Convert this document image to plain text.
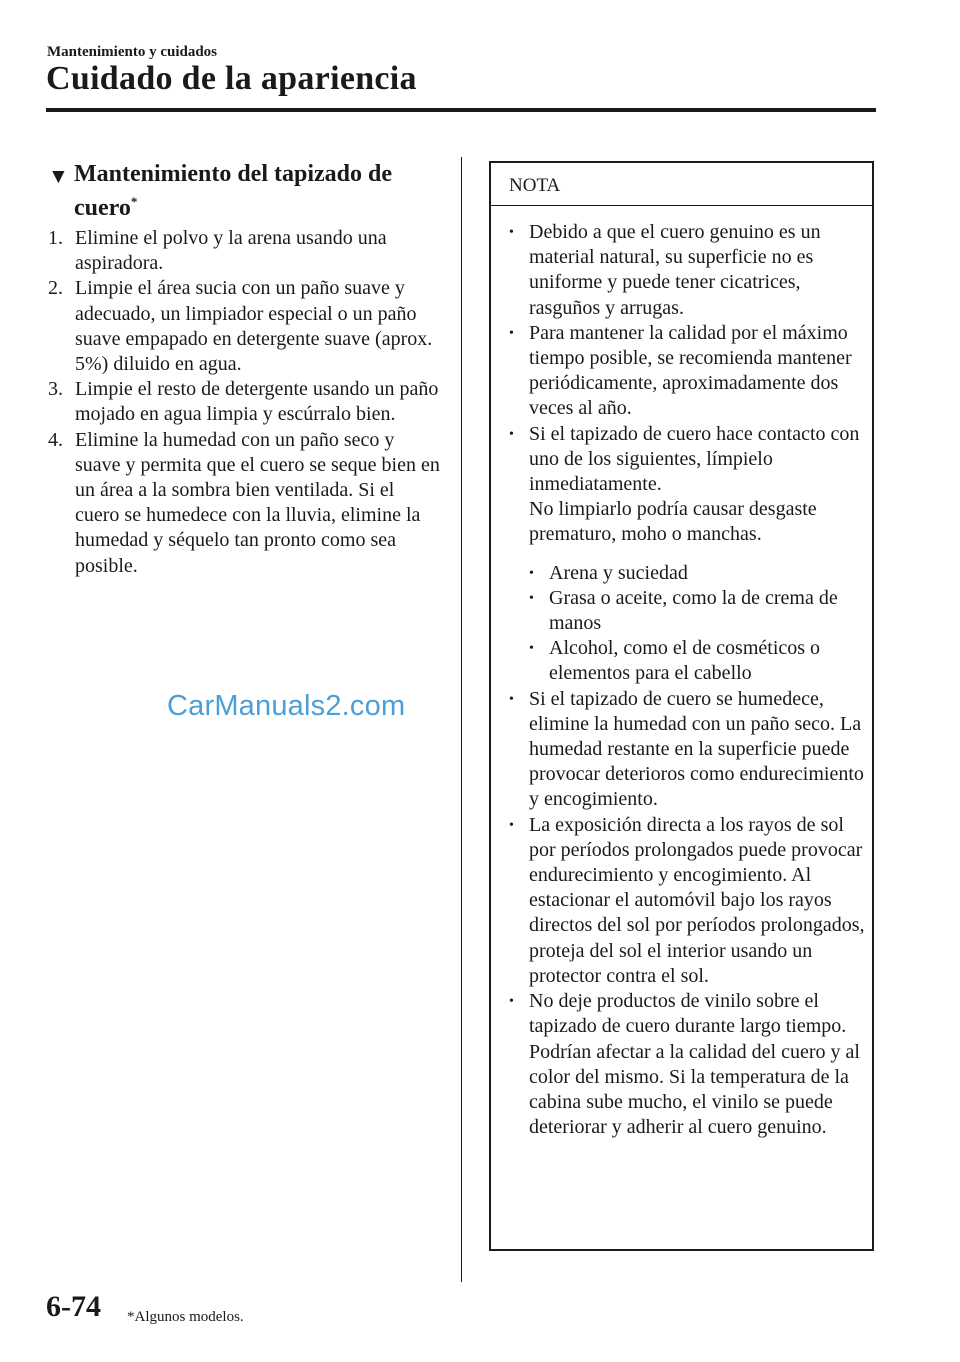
Mantenimiento y cuidados
Cuidado de la apariencia
▼ Mantenimiento del tapizado de cuero*
1. Elimine el polvo y la arena usando una aspiradora.
2. Limpie el área sucia con un paño suave y adecuado, un limpiador especial o un paño suave empapado en detergente suave (aprox. 5%) diluido en agua.
3. Limpie el resto de detergente usando un paño mojado en agua limpia y escúrralo bien.
4. Elimine la humedad con un paño seco y suave y permita que el cuero se seque bien en un área a la sombra bien ventilada. Si el cuero se humedece con la lluvia, elimine la humedad y séquelo tan pronto como sea posible.
CarManuals2.com
NOTA
• Debido a que el cuero genuino es un material natural, su superficie no es uniforme y puede tener cicatrices, rasguños y arrugas.
• Para mantener la calidad por el máximo tiempo posible, se recomienda mantener periódicamente, aproximadamente dos veces al año.
• Si el tapizado de cuero hace contacto con uno de los siguientes, límpielo inmediatamente.
No limpiarlo podría causar desgaste prematuro, moho o manchas.
• Arena y suciedad
• Grasa o aceite, como la de crema de manos
• Alcohol, como el de cosméticos o elementos para el cabello
• Si el tapizado de cuero se humedece, elimine la humedad con un paño seco. La humedad restante en la superficie puede provocar deterioros como endurecimiento y encogimiento.
• La exposición directa a los rayos de sol por períodos prolongados puede provocar endurecimiento y encogimiento. Al estacionar el automóvil bajo los rayos directos del sol por períodos prolongados, proteja del sol el interior usando un protector contra el sol.
• No deje productos de vinilo sobre el tapizado de cuero durante largo tiempo. Podrían afectar a la calidad del cuero y al color del mismo. Si la temperatura de la cabina sube mucho, el vinilo se puede deteriorar y adherir al cuero genuino.
6-74 *Algunos modelos.
